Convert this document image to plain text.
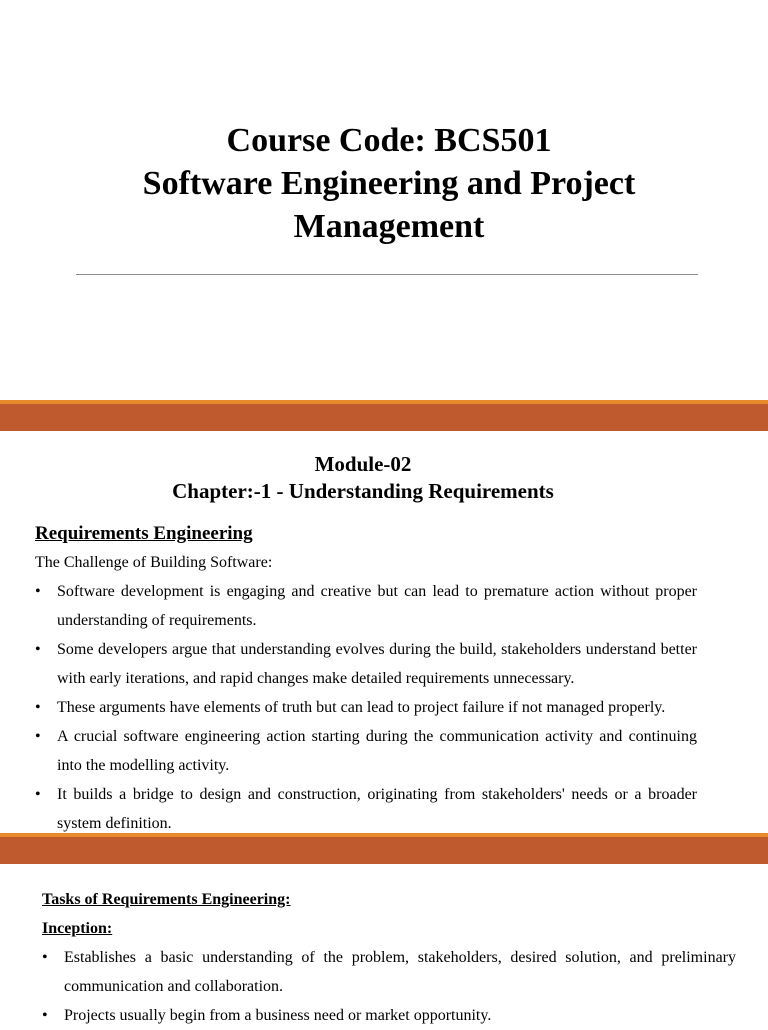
Course Code: BCS501
Software Engineering and Project
Management
Module-02
Chapter:-1 - Understanding Requirements
Requirements Engineering
The Challenge of Building Software:
• Software development is engaging and creative but can lead to premature action without proper understanding of requirements.
• Some developers argue that understanding evolves during the build, stakeholders understand better with early iterations, and rapid changes make detailed requirements unnecessary.
• These arguments have elements of truth but can lead to project failure if not managed properly.
• A crucial software engineering action starting during the communication activity and continuing into the modelling activity.
• It builds a bridge to design and construction, originating from stakeholders' needs or a broader system definition.
Tasks of Requirements Engineering:
Inception:
• Establishes a basic understanding of the problem, stakeholders, desired solution, and preliminary communication and collaboration.
• Projects usually begin from a business need or market opportunity.
